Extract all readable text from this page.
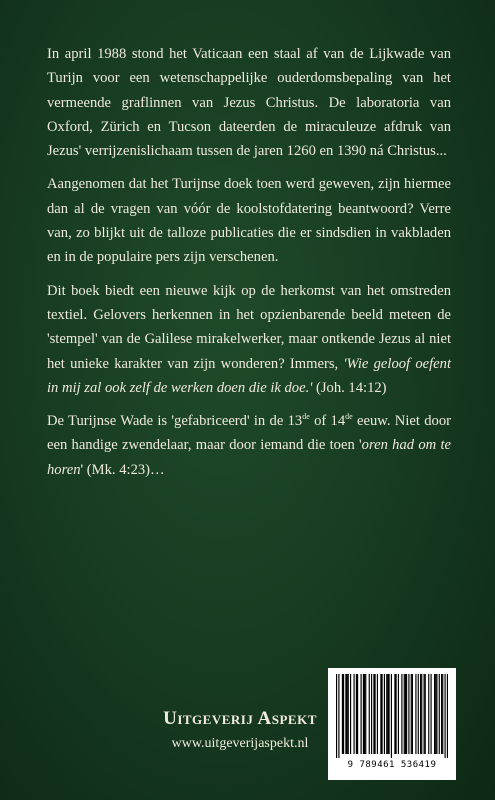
In april 1988 stond het Vaticaan een staal af van de Lijkwade van Turijn voor een wetenschappelijke ouderdomsbepaling van het vermeende graflinnen van Jezus Christus. De laboratoria van Oxford, Zürich en Tucson dateerden de miraculeuze afdruk van Jezus' verrijzenislichaam tussen de jaren 1260 en 1390 ná Christus...

Aangenomen dat het Turijnse doek toen werd geweven, zijn hiermee dan al de vragen van vóór de koolstofdatering beantwoord? Verre van, zo blijkt uit de talloze publicaties die er sindsdien in vakbladen en in de populaire pers zijn verschenen.

Dit boek biedt een nieuwe kijk op de herkomst van het omstreden textiel. Gelovers herkennen in het opzienbarende beeld meteen de 'stempel' van de Galilese mirakelwerker, maar ontkende Jezus al niet het unieke karakter van zijn wonderen? Immers, 'Wie geloof oefent in mij zal ook zelf de werken doen die ik doe.' (Joh. 14:12)

De Turijnse Wade is 'gefabriceerd' in de 13de of 14de eeuw. Niet door een handige zwendelaar, maar door iemand die toen 'oren had om te horen' (Mk. 4:23)…

Uitgeverij Aspekt
www.uitgeverijaspekt.nl
9 789461 536419
